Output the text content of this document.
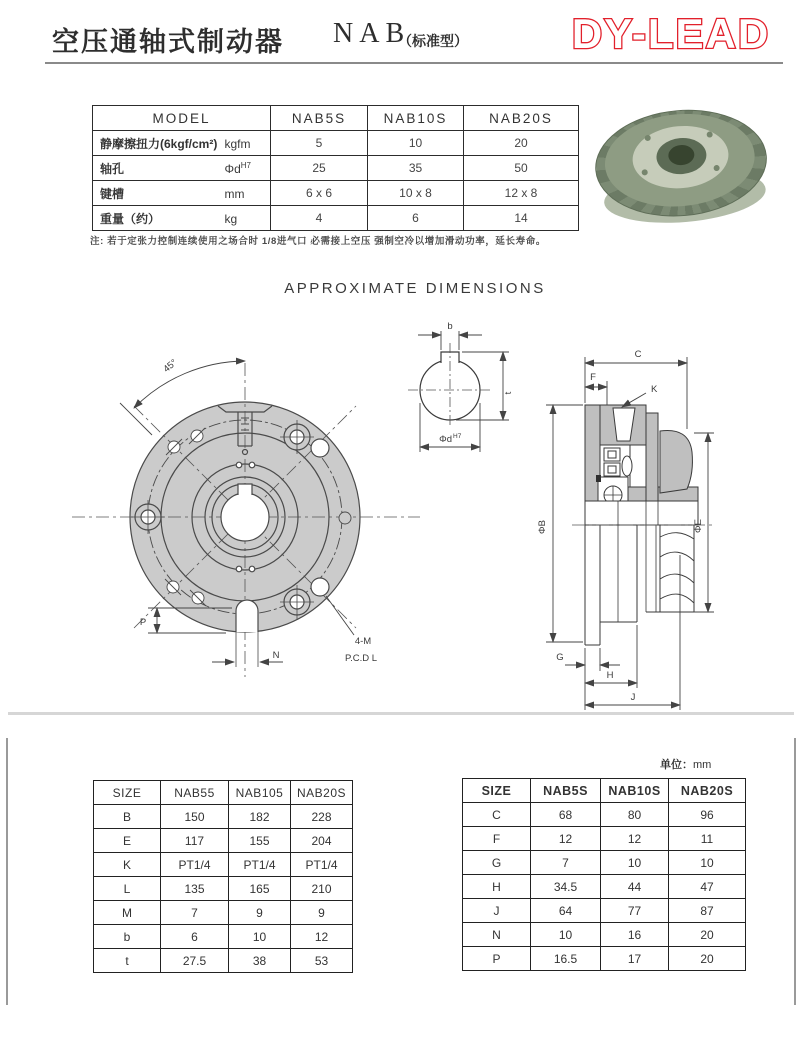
空压通轴式制动器 NAB
（标准型） DY-LEAD
MODEL		NAB5S	NAB10S	NAB20S
静摩擦扭力(6kgf/cm²)	kgfm	5	10	20
轴孔	$\Phi d^{H7}$	25	35	50
键槽	mm	6 x 6	10 x 8	12 x 8
重量（约）	kg	4	6	14
注: 若于定张力控制连续使用之场合时 1/8进气口 必需接上空压 强制空冷以增加滑动功率，延长寿命。
APPROXIMATE DIMENSIONS
45°
P
N
4-M
P.C.D L
b
t
Φd H7
C
F
K
ΦB	ΦE
G
H
J
单位：mm
SIZE	NAB55	NAB105	NAB20S
B	150	182	228
E	117	155	204
K	PT1/4	PT1/4	PT1/4
L	135	165	210
M	7	9	9
b	6	10	12
t	27.5	38	53
SIZE	NAB5S	NAB10S	NAB20S
C	68	80	96
F	12	12	11
G	7	10	10
H	34.5	44	47
J	64	77	87
N	10	16	20
P	16.5	17	20
